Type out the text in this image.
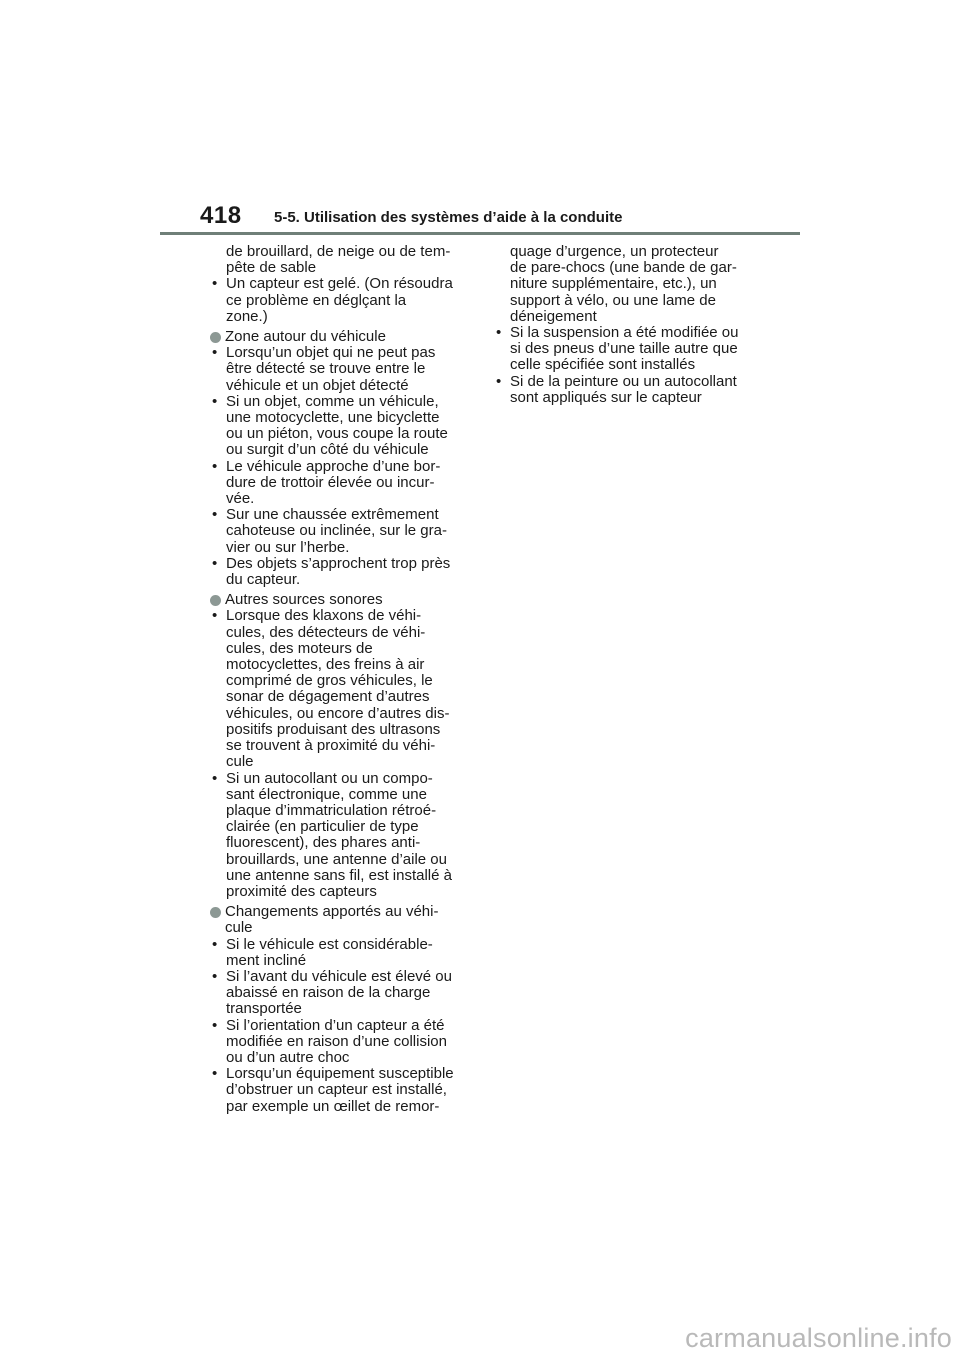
418 5-5. Utilisation des systèmes d’aide à la conduite
de brouillard, de neige ou de tem-
pête de sable
• Un capteur est gelé. (On résoudra
ce problème en déglçant la
zone.)
Zone autour du véhicule
• Lorsqu’un objet qui ne peut pas
être détecté se trouve entre le
véhicule et un objet détecté
• Si un objet, comme un véhicule,
une motocyclette, une bicyclette
ou un piéton, vous coupe la route
ou surgit d’un côté du véhicule
• Le véhicule approche d’une bor-
dure de trottoir élevée ou incur-
vée.
• Sur une chaussée extrêmement
cahoteuse ou inclinée, sur le gra-
vier ou sur l’herbe.
• Des objets s’approchent trop près
du capteur.
Autres sources sonores
• Lorsque des klaxons de véhi-
cules, des détecteurs de véhi-
cules, des moteurs de
motocyclettes, des freins à air
comprimé de gros véhicules, le
sonar de dégagement d’autres
véhicules, ou encore d’autres dis-
positifs produisant des ultrasons
se trouvent à proximité du véhi-
cule
• Si un autocollant ou un compo-
sant électronique, comme une
plaque d’immatriculation rétroé-
clairée (en particulier de type
fluorescent), des phares anti-
brouillards, une antenne d’aile ou
une antenne sans fil, est installé à
proximité des capteurs
Changements apportés au véhi-
cule
• Si le véhicule est considérable-
ment incliné
• Si l’avant du véhicule est élevé ou
abaissé en raison de la charge
transportée
• Si l’orientation d’un capteur a été
modifiée en raison d’une collision
ou d’un autre choc
• Lorsqu’un équipement susceptible
d’obstruer un capteur est installé,
par exemple un œillet de remor-
quage d’urgence, un protecteur
de pare-chocs (une bande de gar-
niture supplémentaire, etc.), un
support à vélo, ou une lame de
déneigement
• Si la suspension a été modifiée ou
si des pneus d’une taille autre que
celle spécifiée sont installés
• Si de la peinture ou un autocollant
sont appliqués sur le capteur
carmanualsonline.info
